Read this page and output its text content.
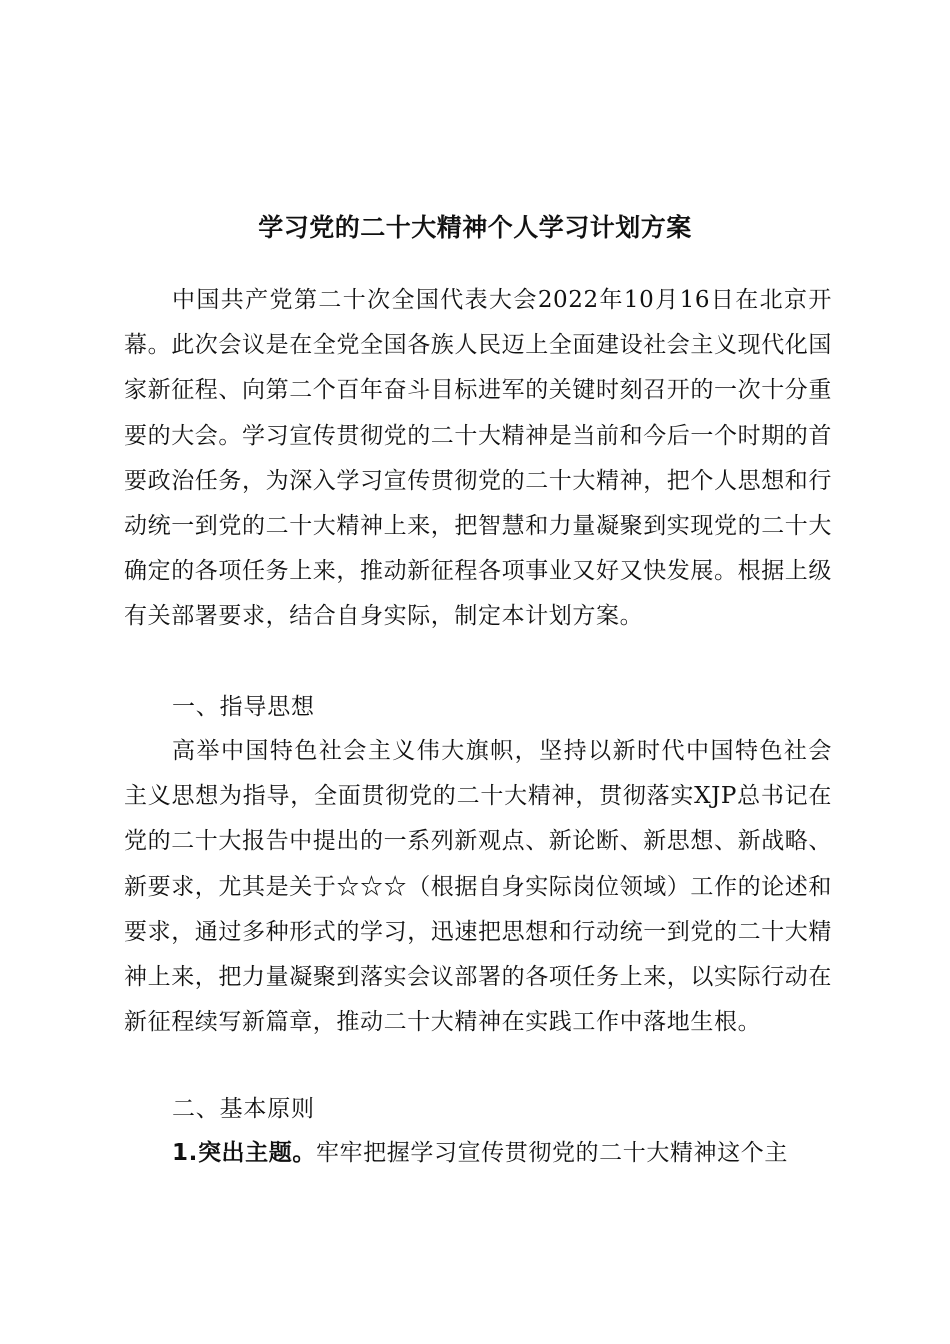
学习党的二十大精神个人学习计划方案

中国共产党第二十次全国代表大会2022年10月16日在北京开幕。此次会议是在全党全国各族人民迈上全面建设社会主义现代化国家新征程、向第二个百年奋斗目标进军的关键时刻召开的一次十分重要的大会。学习宣传贯彻党的二十大精神是当前和今后一个时期的首要政治任务，为深入学习宣传贯彻党的二十大精神，把个人思想和行动统一到党的二十大精神上来，把智慧和力量凝聚到实现党的二十大确定的各项任务上来，推动新征程各项事业又好又快发展。根据上级有关部署要求，结合自身实际，制定本计划方案。

一、指导思想

高举中国特色社会主义伟大旗帜，坚持以新时代中国特色社会主义思想为指导，全面贯彻党的二十大精神，贯彻落实XJP总书记在党的二十大报告中提出的一系列新观点、新论断、新思想、新战略、新要求，尤其是关于☆☆☆（根据自身实际岗位领域）工作的论述和要求，通过多种形式的学习，迅速把思想和行动统一到党的二十大精神上来，把力量凝聚到落实会议部署的各项任务上来，以实际行动在新征程续写新篇章，推动二十大精神在实践工作中落地生根。

二、基本原则

1.突出主题。牢牢把握学习宣传贯彻党的二十大精神这个主
